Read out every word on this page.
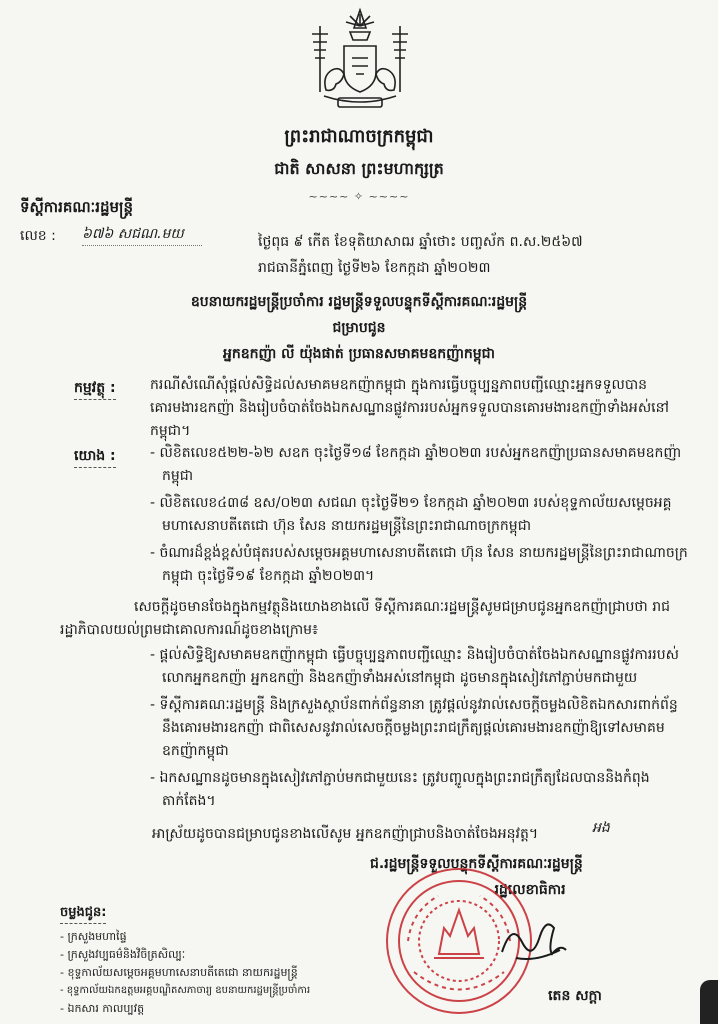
ព្រះរាជាណាចក្រកម្ពុជា
ជាតិ សាសនា ព្រះមហាក្សត្រ
~~~~ ✧ ~~~~
ទីស្តីការគណៈរដ្ឋមន្ត្រី
លេខ : ៦៧៦ សជណ.មយ	ថ្ងៃពុធ ៩ កើត ខែទុតិយាសាឍ ឆ្នាំថោះ បញ្ចស័ក ព.ស.២៥៦៧
រាជធានីភ្នំពេញ ថ្ងៃទី២៦ ខែកក្កដា ឆ្នាំ២០២៣
ឧបនាយករដ្ឋមន្ត្រីប្រចាំការ រដ្ឋមន្ត្រីទទួលបន្ទុកទីស្តីការគណៈរដ្ឋមន្ត្រី
ជម្រាបជូន
អ្នកឧកញ៉ា លី យ៉ុងផាត់ ប្រធានសមាគមឧកញ៉ាកម្ពុជា
កម្មវត្ថុ : ករណីសំណើសុំផ្តល់សិទ្ធិដល់សមាគមឧកញ៉ាកម្ពុជា ក្នុងការធ្វើបច្ចុប្បន្នភាពបញ្ជីឈ្មោះអ្នកទទួលបានគោរមងារឧកញ៉ា និងរៀបចំបាត់ចែងឯកសណ្ឋានផ្លូវការរបស់អ្នកទទួលបានគោរមងារឧកញ៉ាទាំងអស់នៅកម្ពុជា។
យោង : - លិខិតលេខ៥២២-៦២ សឧក ចុះថ្ងៃទី១៨ ខែកក្កដា ឆ្នាំ២០២៣ របស់អ្នកឧកញ៉ាប្រធានសមាគមឧកញ៉ាកម្ពុជា
- លិខិតលេខ៤៣៨ ឧស/០២៣ សជណ ចុះថ្ងៃទី២១ ខែកក្កដា ឆ្នាំ២០២៣ របស់ខុទ្ទកាល័យសម្តេចអគ្គមហាសេនាបតីតេជោ ហ៊ុន សែន នាយករដ្ឋមន្ត្រីនៃព្រះរាជាណាចក្រកម្ពុជា
- ចំណារដ៏ខ្ពង់ខ្ពស់បំផុតរបស់សម្តេចអគ្គមហាសេនាបតីតេជោ ហ៊ុន សែន នាយករដ្ឋមន្ត្រីនៃព្រះរាជាណាចក្រកម្ពុជា ចុះថ្ងៃទី១៩ ខែកក្កដា ឆ្នាំ២០២៣។
សេចក្តីដូចមានចែងក្នុងកម្មវត្ថុនិងយោងខាងលើ ទីស្តីការគណៈរដ្ឋមន្ត្រីសូមជម្រាបជូនអ្នកឧកញ៉ាជ្រាបថា រាជរដ្ឋាភិបាលយល់ព្រមជាគោលការណ៍ដូចខាងក្រោម៖
- ផ្តល់សិទ្ធិឱ្យសមាគមឧកញ៉ាកម្ពុជា ធ្វើបច្ចុប្បន្នភាពបញ្ជីឈ្មោះ និងរៀបចំបាត់ចែងឯកសណ្ឋានផ្លូវការរបស់លោកអ្នកឧកញ៉ា អ្នកឧកញ៉ា និងឧកញ៉ាទាំងអស់នៅកម្ពុជា ដូចមានក្នុងសៀវភៅភ្ជាប់មកជាមួយ
- ទីស្តីការគណៈរដ្ឋមន្ត្រី និងក្រសួងស្ថាប័នពាក់ព័ន្ធនានា ត្រូវផ្តល់នូវរាល់សេចក្តីចម្លងលិខិតឯកសារពាក់ព័ន្ធនឹងគោរមងារឧកញ៉ា ជាពិសេសនូវរាល់សេចក្តីចម្លងព្រះរាជក្រឹត្យផ្តល់គោរមងារឧកញ៉ាឱ្យទៅសមាគមឧកញ៉ាកម្ពុជា
- ឯកសណ្ឋានដូចមានក្នុងសៀវភៅភ្ជាប់មកជាមួយនេះ ត្រូវបញ្ចូលក្នុងព្រះរាជក្រឹត្យដែលបាននិងកំពុងតាក់តែង។
អាស្រ័យដូចបានជម្រាបជូនខាងលើសូម អ្នកឧកញ៉ាជ្រាបនិងចាត់ចែងអនុវត្ត។	អង
ជ.រដ្ឋមន្ត្រីទទួលបន្ទុកទីស្តីការគណៈរដ្ឋមន្ត្រី
រដ្ឋលេខាធិការ
តេន សក្តា
ចម្លងជូន:
- ក្រសួងមហាផ្ទៃ
- ក្រសួងវប្បធម៌និងវិចិត្រសិល្បៈ
- ខុទ្ទកាល័យសម្តេចអគ្គមហាសេនាបតីតេជោ នាយករដ្ឋមន្ត្រី
- ខុទ្ទកាល័យឯកឧត្តមអគ្គបណ្ឌិតសភាចារ្យ ឧបនាយករដ្ឋមន្ត្រីប្រចាំការ
- ឯកសារ កាលប្បវត្ត
